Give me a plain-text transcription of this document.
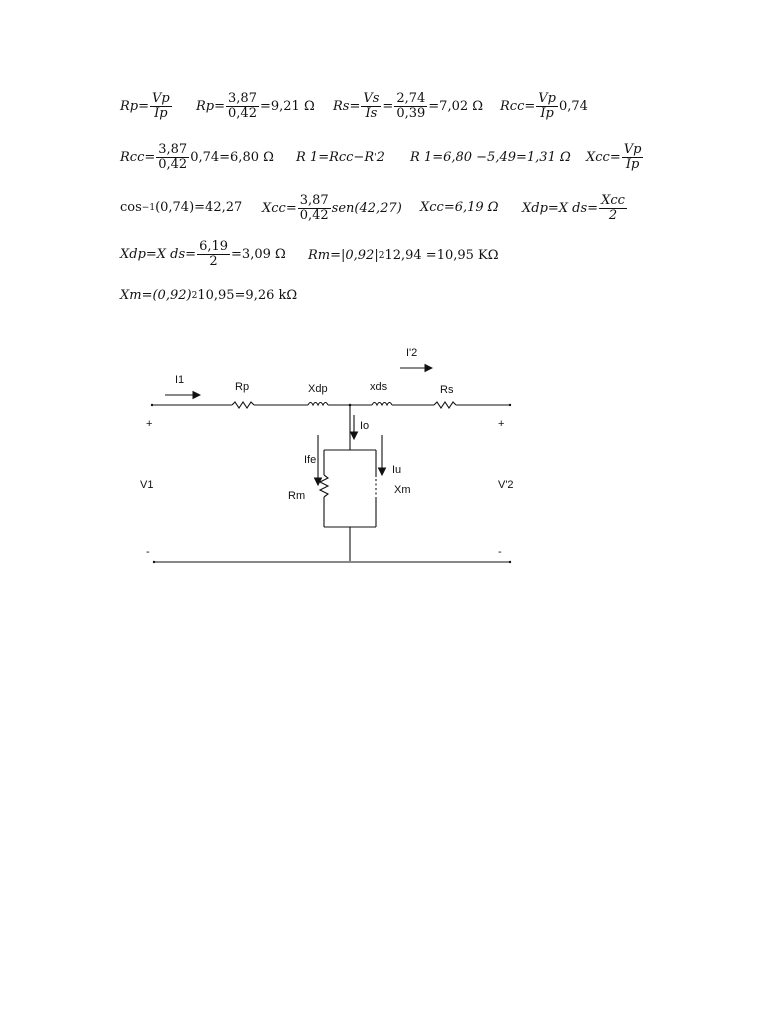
$Rp= \frac{Vp}{Ip} Rp= \frac{3,87}{0,42} =9,21$ Ω $Rs= \frac{Vs}{Is} = \frac{2,74}{0,39} =7,02$ Ω $Rcc= \frac{Vp}{Ip} 0,74$
$Rcc= \frac{3,87}{0,42} 0,74=6,80$ Ω R 1=Rcc−R ' 2 R 1=6,80 −5,49=1,31 Ω $Xcc= \frac{Vp}{Ip}$
cos −1 (0,74)=42,27 $Xcc= \frac{3,87}{0,42} sen(42,27)$ Xcc=6,19 Ω Xdp=X $ds= \frac{\text{Xcc}}{2}$
Xdp=X $ds= \frac{6,19}{2} =3,09$ Ω Rm=|0,92| 2 12,94 =10,95 KΩ
Xm=(0,92) 2 10,95=9,26 kΩ
I1
I'2
Rp	Xdp	xds	Rs
Io
Ife
Iu
Rm	Xm
V1	V'2
+	+
-	-
